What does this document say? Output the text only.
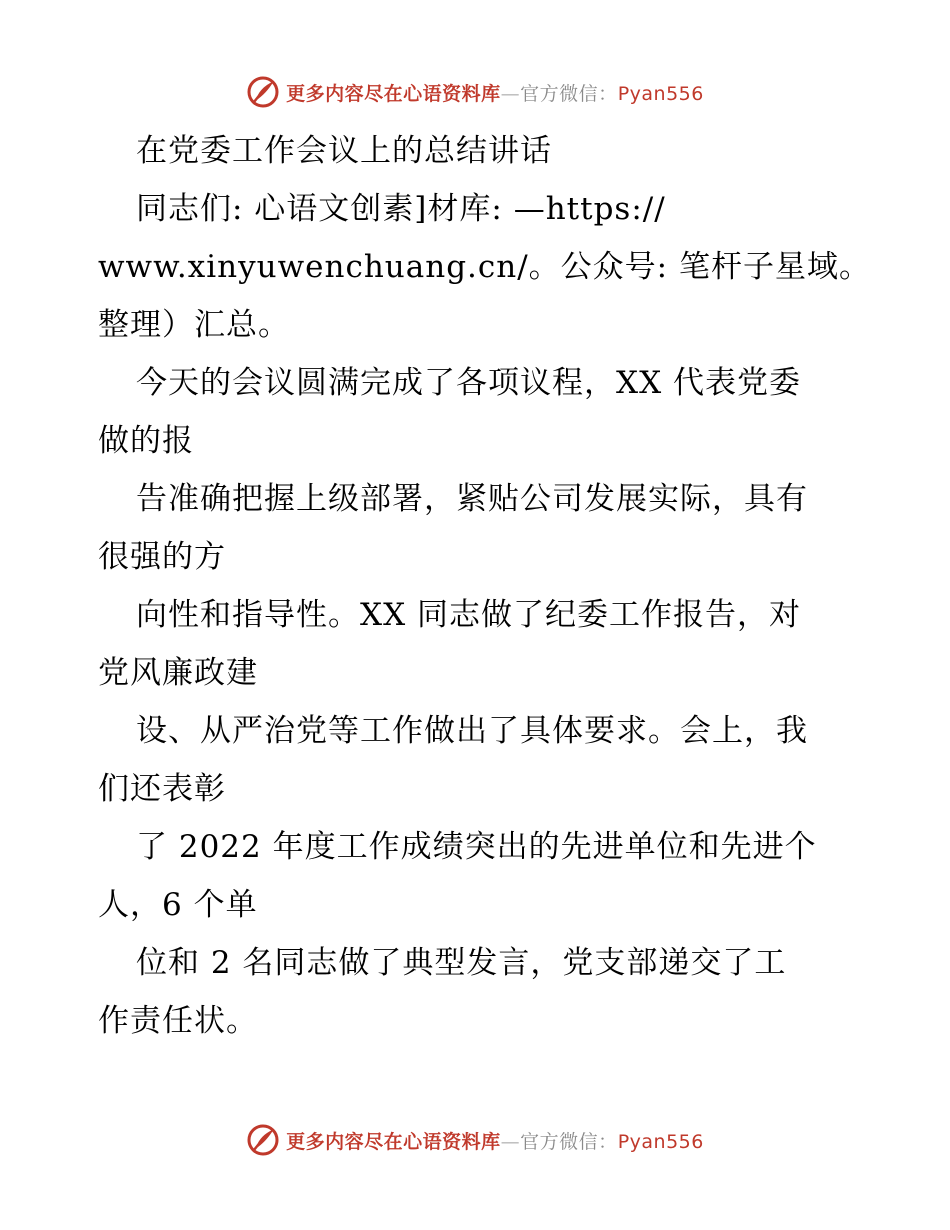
更多内容尽在心语资料库—官方微信：Pyan556
在党委工作会议上的总结讲话
同志们: 心语文创素]材库: —https://
www.xinyuwenchuang.cn/。公众号: 笔杆子星域。
整理）汇总。
今天的会议圆满完成了各项议程，XX 代表党委
做的报
告准确把握上级部署，紧贴公司发展实际，具有
很强的方
向性和指导性。XX 同志做了纪委工作报告，对
党风廉政建
设、从严治党等工作做出了具体要求。会上，我
们还表彰
了 2022 年度工作成绩突出的先进单位和先进个
人，6 个单
位和 2 名同志做了典型发言，党支部递交了工
作责任状。
更多内容尽在心语资料库—官方微信：Pyan556
